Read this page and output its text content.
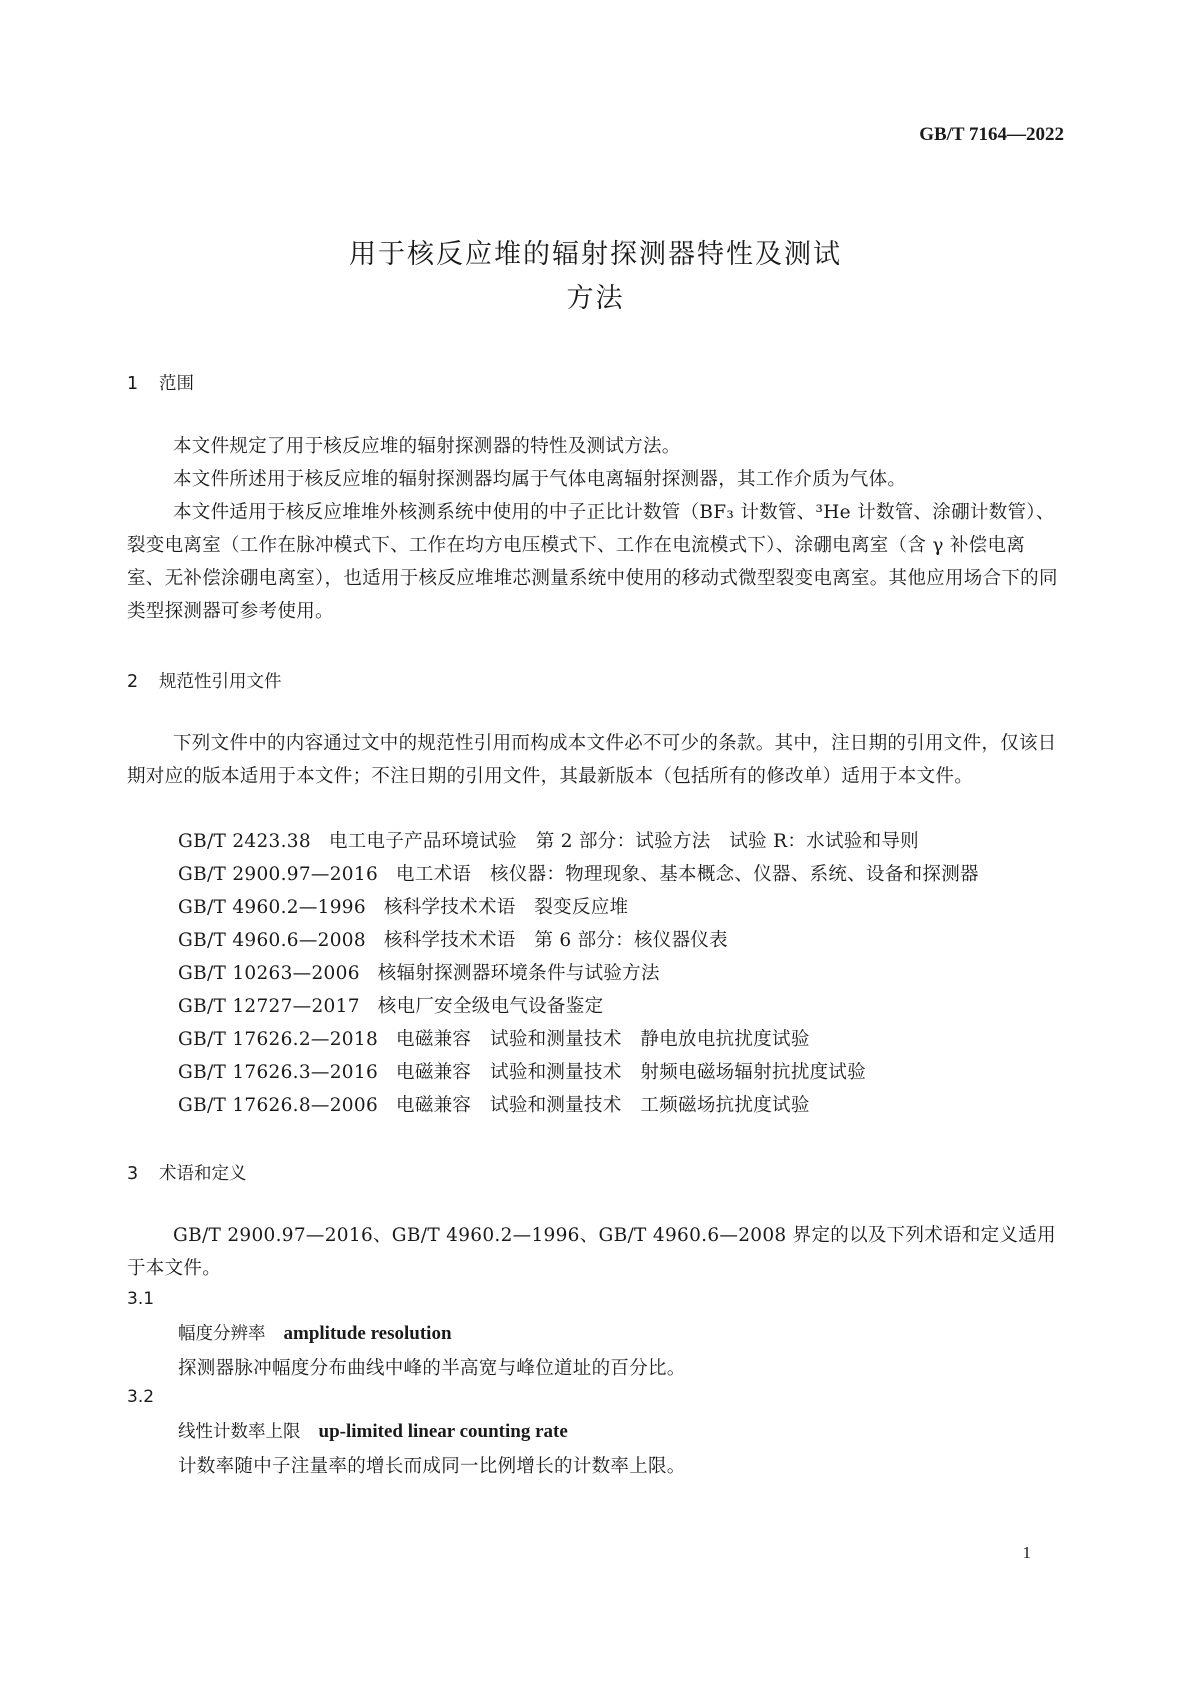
GB/T 7164—2022
用于核反应堆的辐射探测器特性及测试
方法
1 范围
本文件规定了用于核反应堆的辐射探测器的特性及测试方法。
本文件所述用于核反应堆的辐射探测器均属于气体电离辐射探测器，其工作介质为气体。
本文件适用于核反应堆堆外核测系统中使用的中子正比计数管（BF₃ 计数管、³He 计数管、涂硼计数管）、裂变电离室（工作在脉冲模式下、工作在均方电压模式下、工作在电流模式下）、涂硼电离室（含 γ 补偿电离室、无补偿涂硼电离室），也适用于核反应堆堆芯测量系统中使用的移动式微型裂变电离室。其他应用场合下的同类型探测器可参考使用。
2 规范性引用文件
下列文件中的内容通过文中的规范性引用而构成本文件必不可少的条款。其中，注日期的引用文件，仅该日期对应的版本适用于本文件；不注日期的引用文件，其最新版本（包括所有的修改单）适用于本文件。
GB/T 2423.38 电工电子产品环境试验　第 2 部分：试验方法　试验 R：水试验和导则
GB/T 2900.97—2016 电工术语　核仪器：物理现象、基本概念、仪器、系统、设备和探测器
GB/T 4960.2—1996 核科学技术术语　裂变反应堆
GB/T 4960.6—2008 核科学技术术语　第 6 部分：核仪器仪表
GB/T 10263—2006 核辐射探测器环境条件与试验方法
GB/T 12727—2017 核电厂安全级电气设备鉴定
GB/T 17626.2—2018 电磁兼容　试验和测量技术　静电放电抗扰度试验
GB/T 17626.3—2016 电磁兼容　试验和测量技术　射频电磁场辐射抗扰度试验
GB/T 17626.8—2006 电磁兼容　试验和测量技术　工频磁场抗扰度试验
3 术语和定义
GB/T 2900.97—2016、GB/T 4960.2—1996、GB/T 4960.6—2008 界定的以及下列术语和定义适用于本文件。
3.1
幅度分辨率 amplitude resolution
探测器脉冲幅度分布曲线中峰的半高宽与峰位道址的百分比。
3.2
线性计数率上限 up-limited linear counting rate
计数率随中子注量率的增长而成同一比例增长的计数率上限。
1
